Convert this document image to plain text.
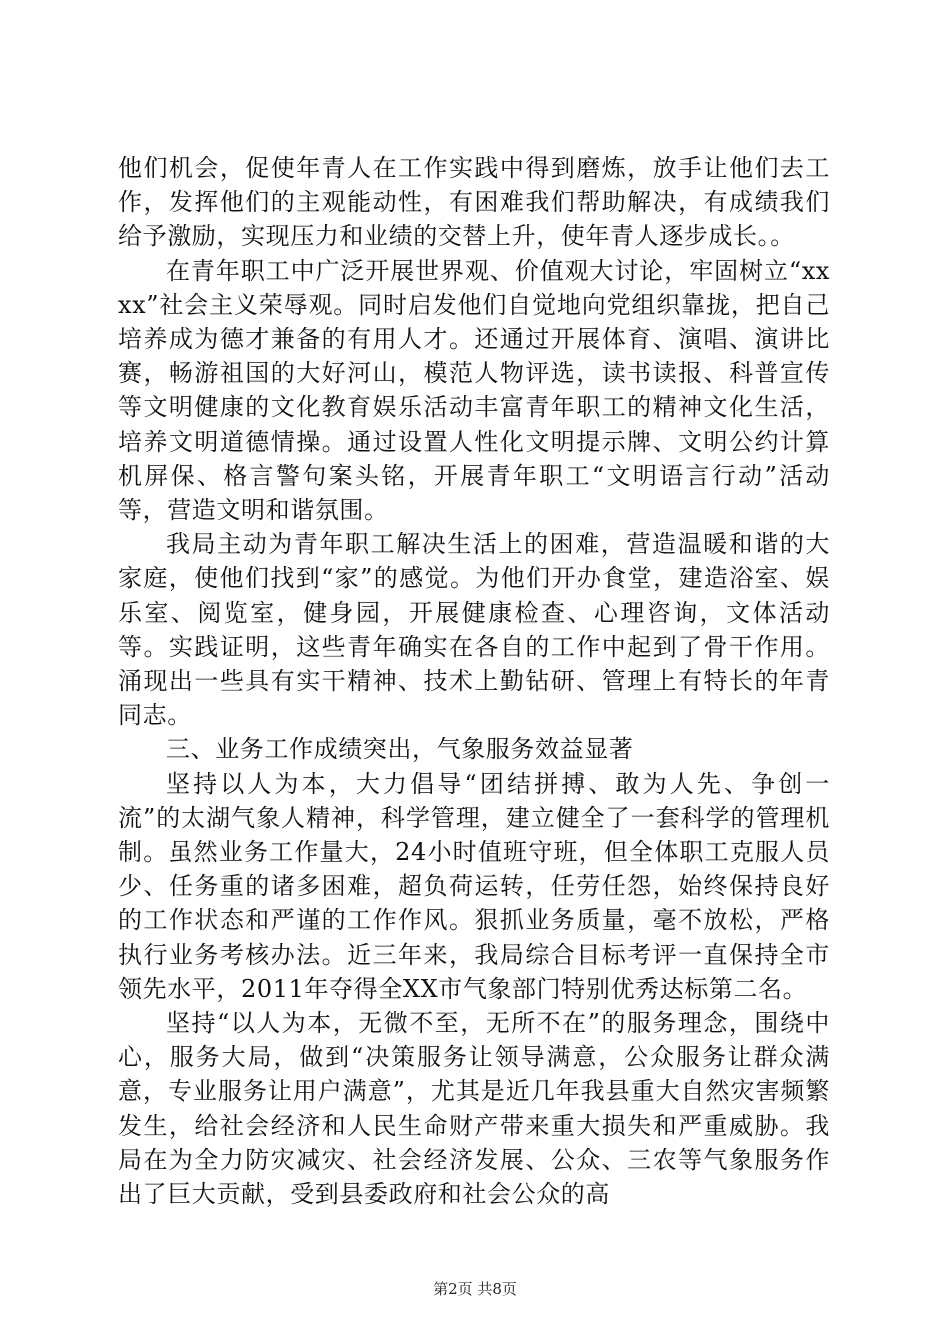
他们机会，促使年青人在工作实践中得到磨炼，放手让他们去工作，发挥他们的主观能动性，有困难我们帮助解决，有成绩我们给予激励，实现压力和业绩的交替上升，使年青人逐步成长。。

在青年职工中广泛开展世界观、价值观大讨论，牢固树立“xxxx”社会主义荣辱观。同时启发他们自觉地向党组织靠拢，把自己培养成为德才兼备的有用人才。还通过开展体育、演唱、演讲比赛，畅游祖国的大好河山，模范人物评选，读书读报、科普宣传等文明健康的文化教育娱乐活动丰富青年职工的精神文化生活，培养文明道德情操。通过设置人性化文明提示牌、文明公约计算机屏保、格言警句案头铭，开展青年职工“文明语言行动”活动等，营造文明和谐氛围。

我局主动为青年职工解决生活上的困难，营造温暖和谐的大家庭，使他们找到“家”的感觉。为他们开办食堂，建造浴室、娱乐室、阅览室，健身园，开展健康检查、心理咨询，文体活动等。实践证明，这些青年确实在各自的工作中起到了骨干作用。涌现出一些具有实干精神、技术上勤钻研、管理上有特长的年青同志。

三、业务工作成绩突出，气象服务效益显著

坚持以人为本，大力倡导“团结拼搏、敢为人先、争创一流”的太湖气象人精神，科学管理，建立健全了一套科学的管理机制。虽然业务工作量大，24小时值班守班，但全体职工克服人员少、任务重的诸多困难，超负荷运转，任劳任怨，始终保持良好的工作状态和严谨的工作作风。狠抓业务质量，毫不放松，严格执行业务考核办法。近三年来，我局综合目标考评一直保持全市领先水平，2011年夺得全XX市气象部门特别优秀达标第二名。

坚持“以人为本，无微不至，无所不在”的服务理念，围绕中心，服务大局，做到“决策服务让领导满意，公众服务让群众满意，专业服务让用户满意”，尤其是近几年我县重大自然灾害频繁发生，给社会经济和人民生命财产带来重大损失和严重威胁。我局在为全力防灾减灾、社会经济发展、公众、三农等气象服务作出了巨大贡献，受到县委政府和社会公众的高

第2页 共8页
